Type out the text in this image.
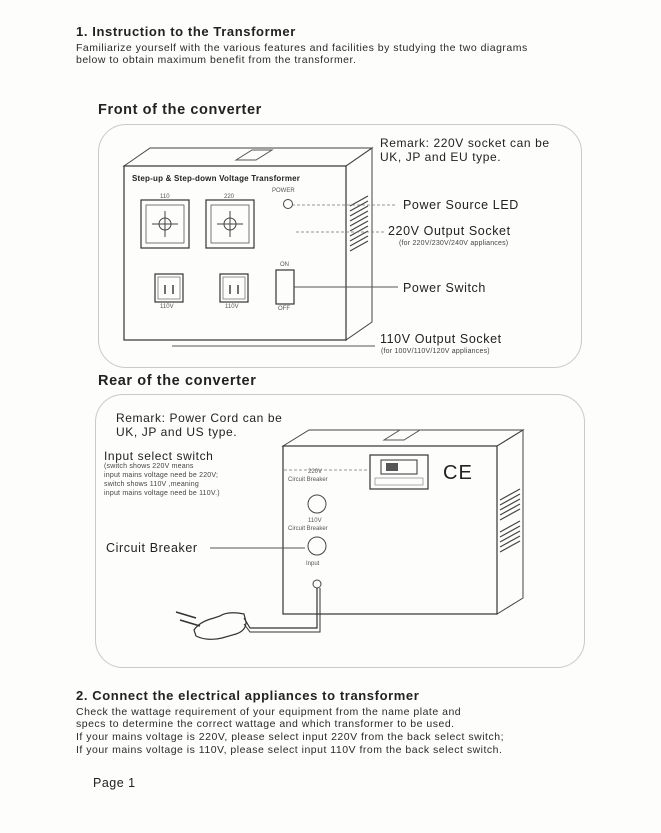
1. Instruction to the Transformer
Familiarize yourself with the various features and facilities by studying the two diagrams
below to obtain maximum benefit from the transformer.
Front of the converter
Step-up & Step-down Voltage Transformer
POWER
110	220
ON
OFF
110V	110V
Remark: 220V socket can be
UK, JP and EU type.
Power Source LED
220V Output Socket
(for 220V/230V/240V appliances)
Power Switch
110V Output Socket
(for 100V/110V/120V appliances)
Rear of the converter
Remark: Power Cord can be
UK, JP and US type.
Input select switch
(switch shows 220V means
input mains voltage need be 220V;
switch shows 110V ,meaning
input mains voltage need be 110V.)
220V
Circuit Breaker
110V
Circuit Breaker
Input
Circuit Breaker
CE
2. Connect the electrical appliances to transformer
Check the wattage requirement of your equipment from the name plate and
specs to determine the correct wattage and which transformer to be used.
If your mains voltage is 220V, please select input 220V from the back select switch;
If your mains voltage is 110V, please select input 110V from the back select switch.
Page 1
